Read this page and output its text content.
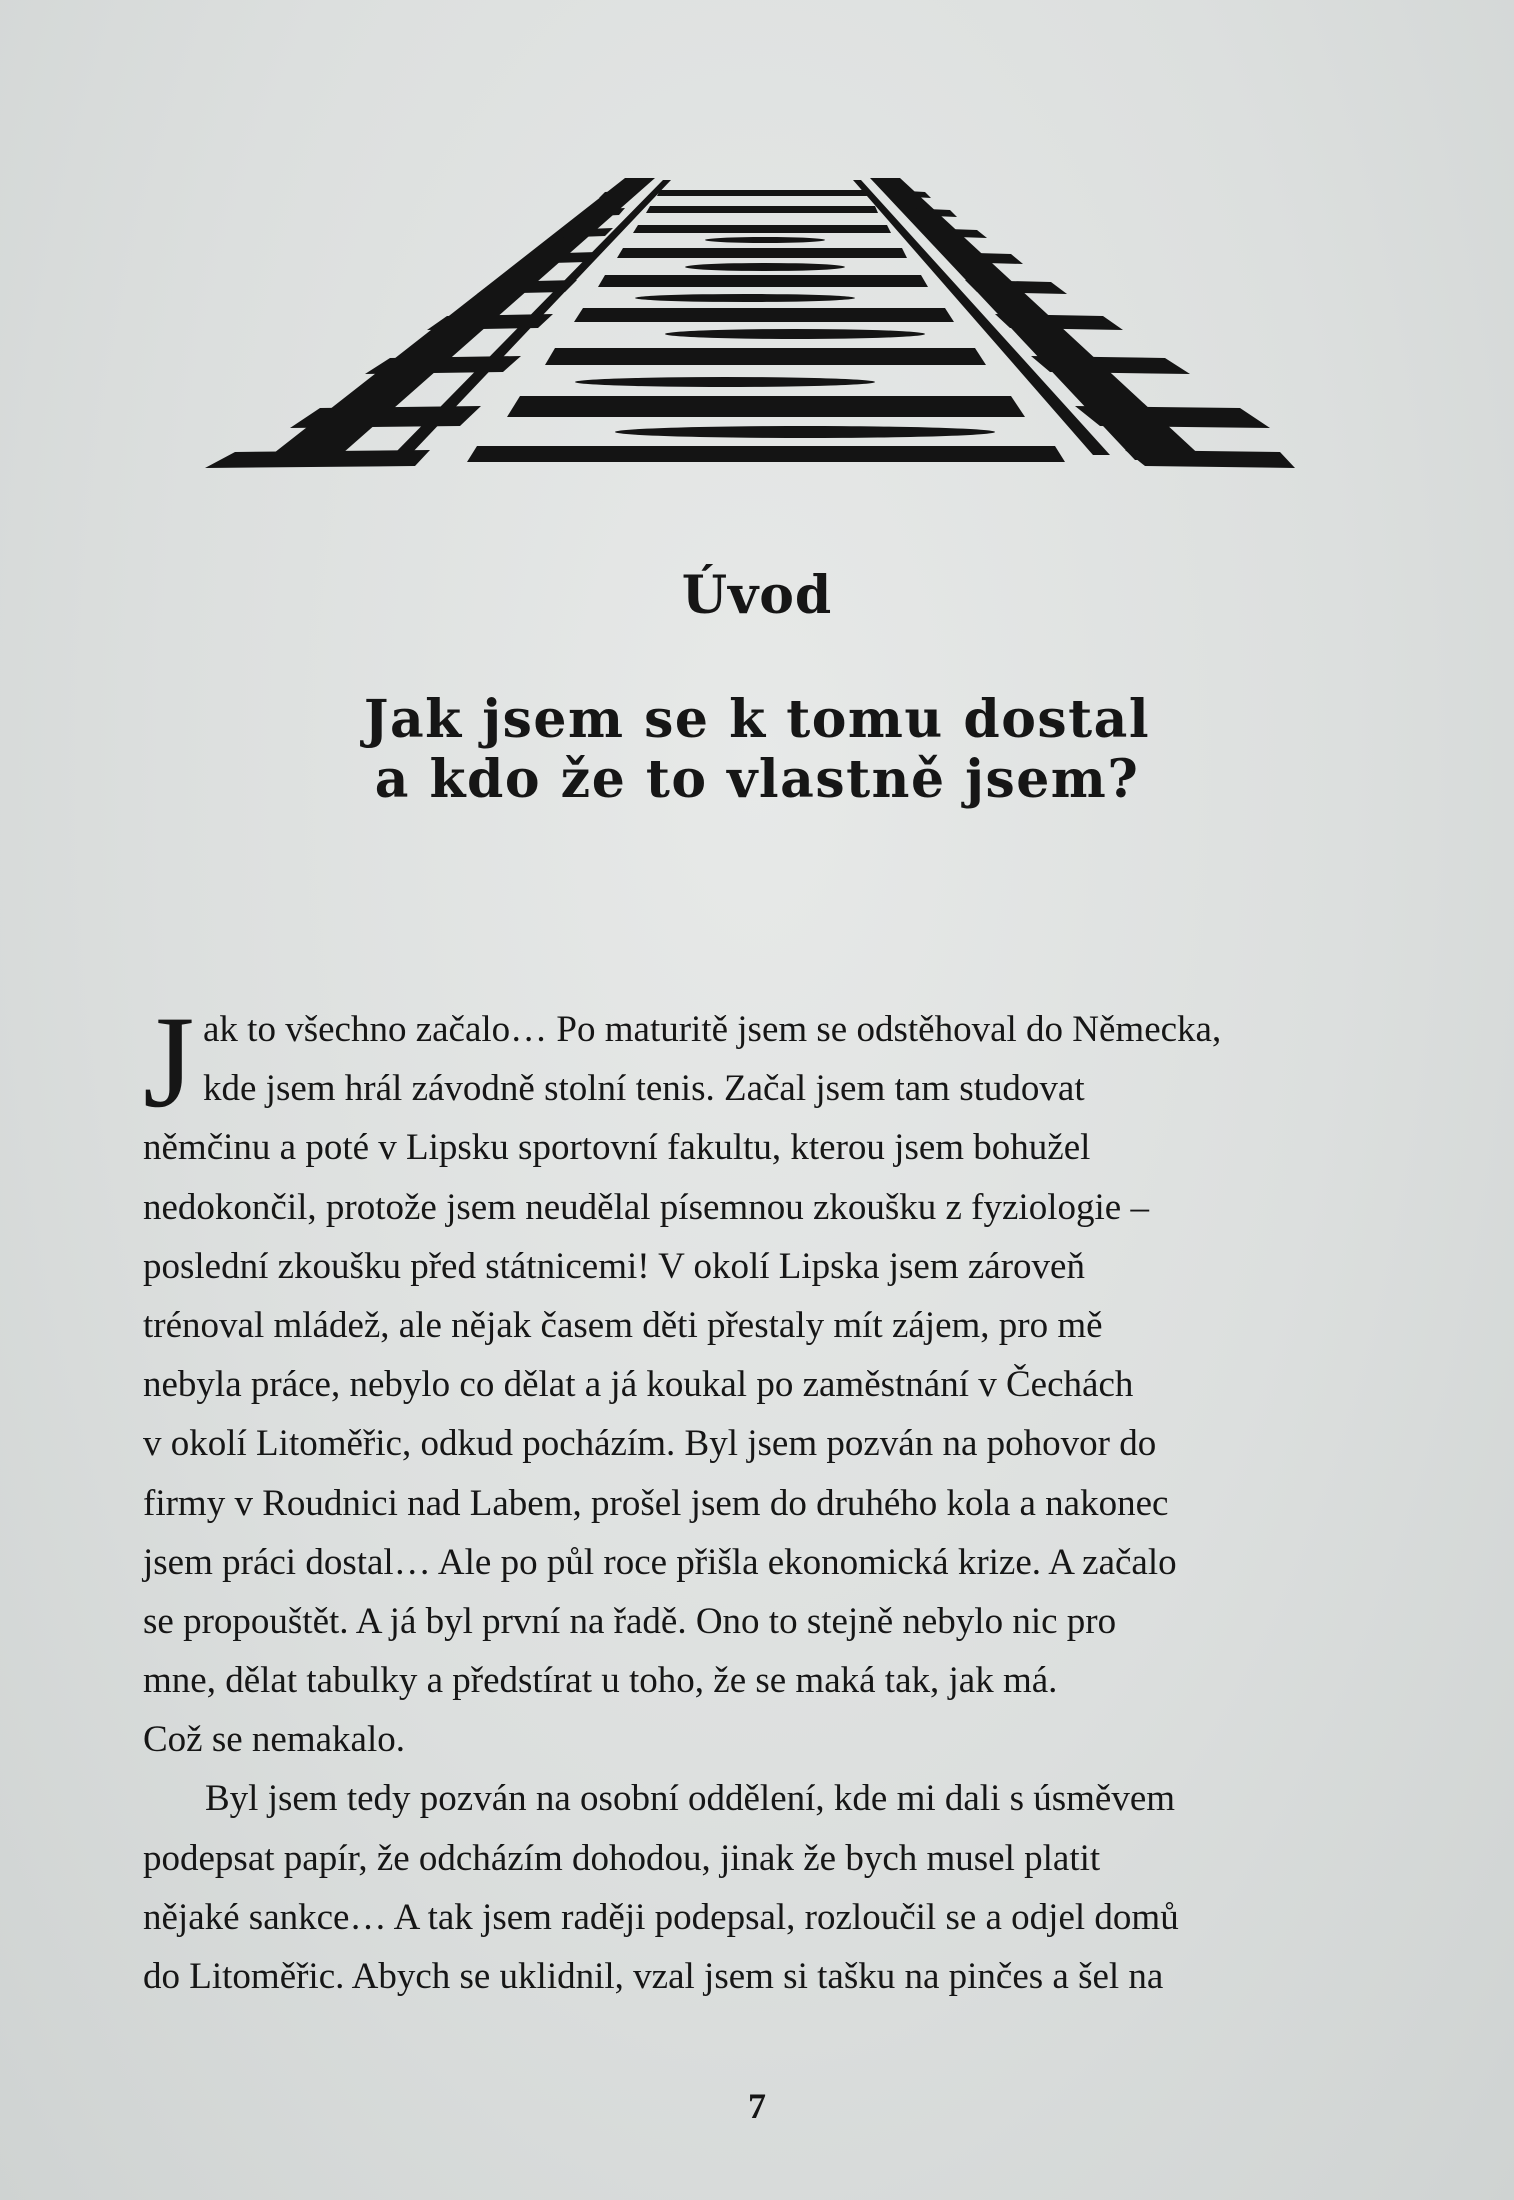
Úvod
Jak jsem se k tomu dostal
a kdo že to vlastně jsem?
J ak to všechno začalo… Po maturitě jsem se odstěhoval do Německa,
kde jsem hrál závodně stolní tenis. Začal jsem tam studovat
němčinu a poté v Lipsku sportovní fakultu, kterou jsem bohužel
nedokončil, protože jsem neudělal písemnou zkoušku z fyziologie –
poslední zkoušku před státnicemi! V okolí Lipska jsem zároveň
trénoval mládež, ale nějak časem děti přestaly mít zájem, pro mě
nebyla práce, nebylo co dělat a já koukal po zaměstnání v Čechách
v okolí Litoměřic, odkud pocházím. Byl jsem pozván na pohovor do
firmy v Roudnici nad Labem, prošel jsem do druhého kola a nakonec
jsem práci dostal… Ale po půl roce přišla ekonomická krize. A začalo
se propouštět. A já byl první na řadě. Ono to stejně nebylo nic pro
mne, dělat tabulky a předstírat u toho, že se maká tak, jak má.
Což se nemakalo.
Byl jsem tedy pozván na osobní oddělení, kde mi dali s úsměvem
podepsat papír, že odcházím dohodou, jinak že bych musel platit
nějaké sankce… A tak jsem raději podepsal, rozloučil se a odjel domů
do Litoměřic. Abych se uklidnil, vzal jsem si tašku na pinčes a šel na
7
